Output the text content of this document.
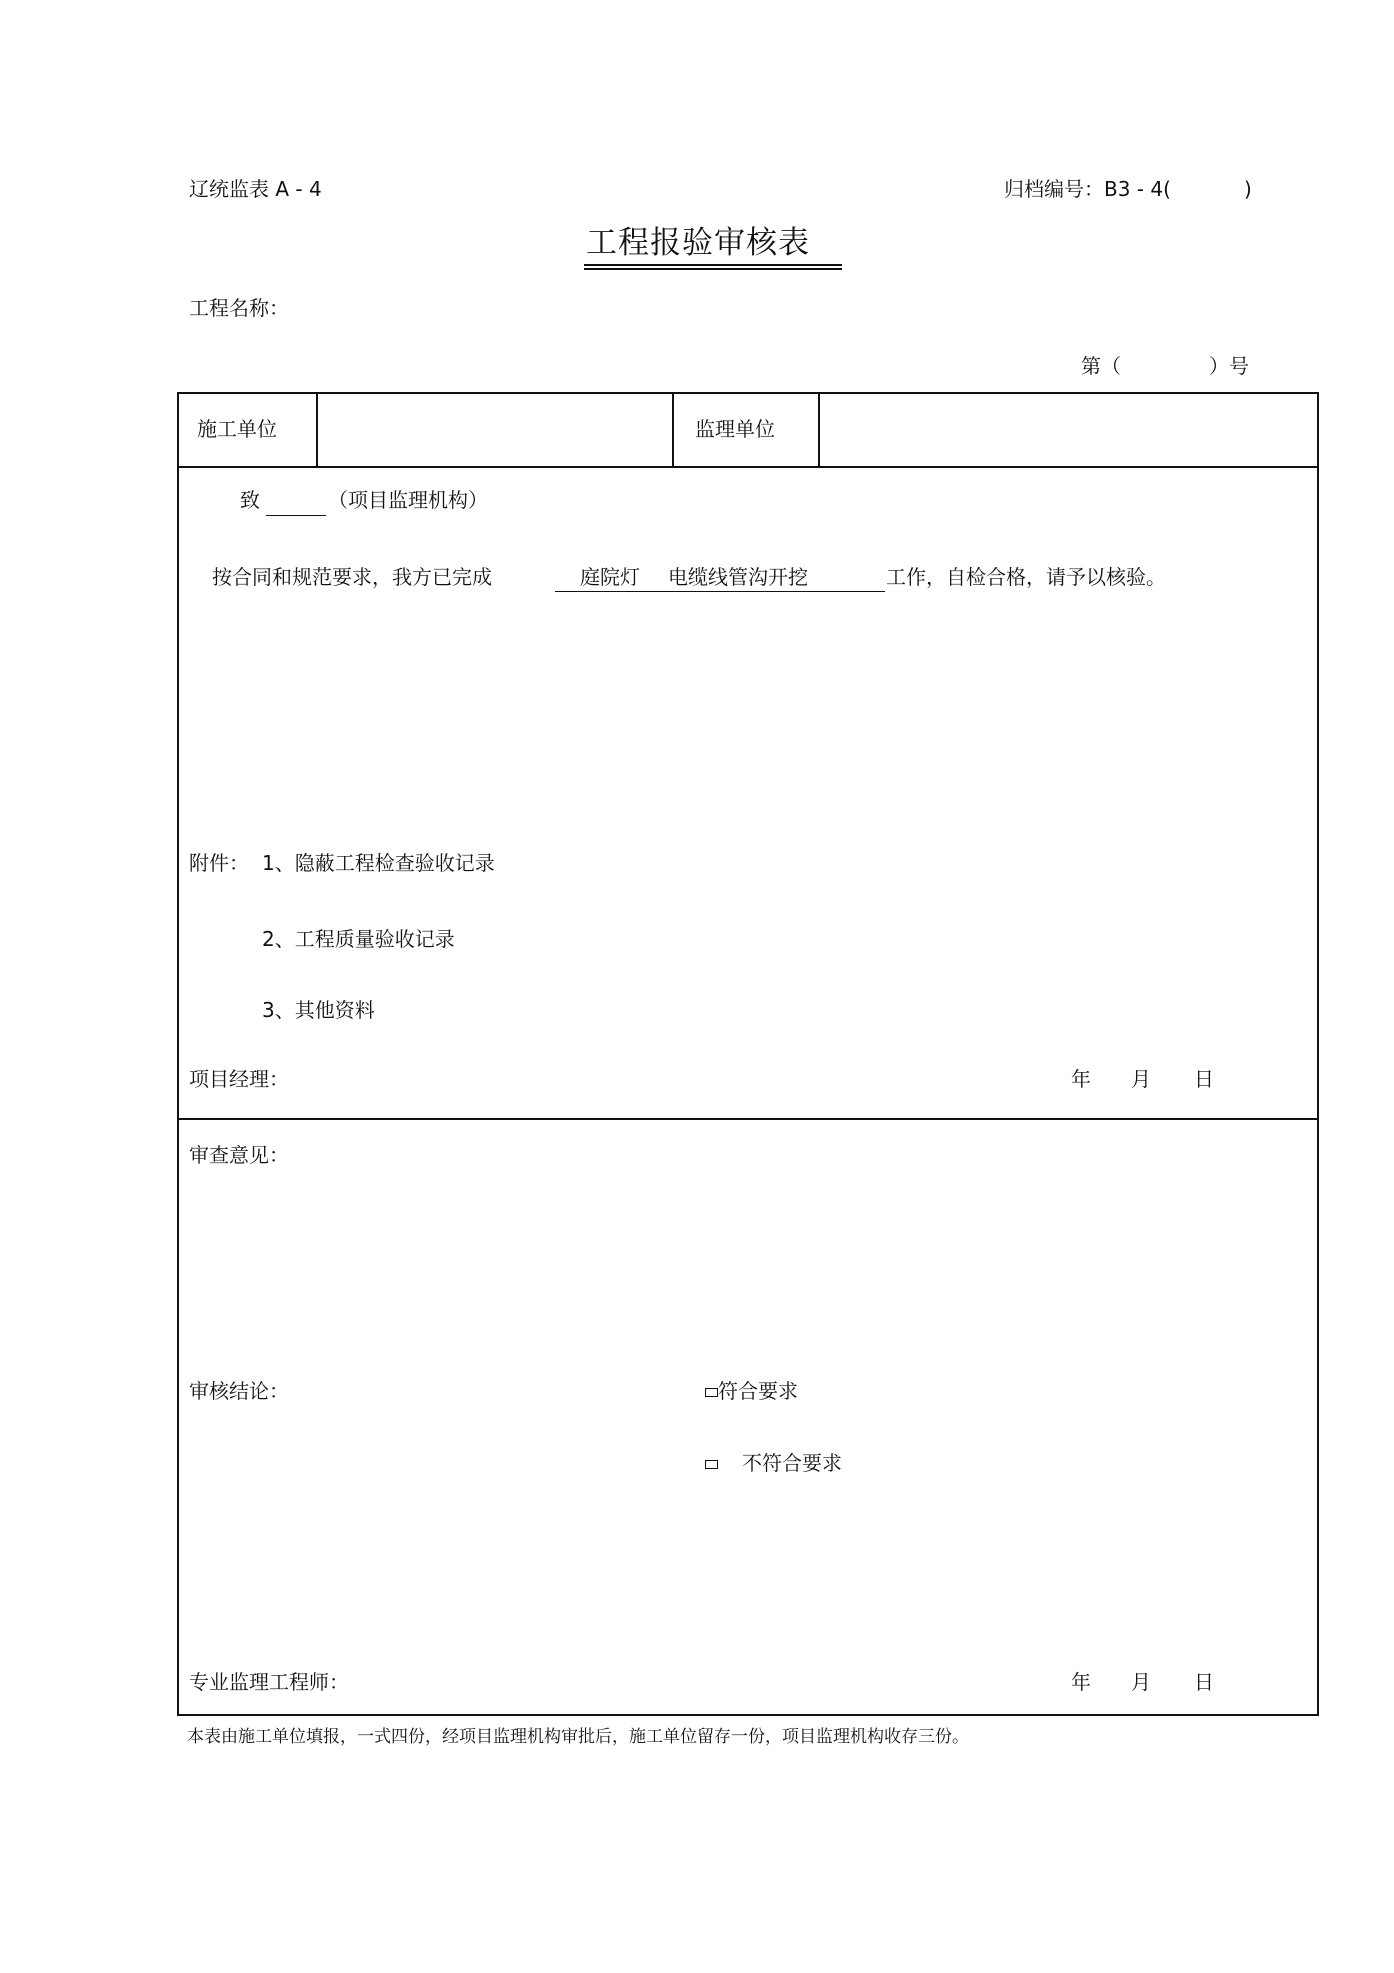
辽统监表 A - 4	归档编号：B3 - 4(	)
工程报验审核表
工程名称：
第（	）号
施工单位	监理单位
致	（项目监理机构）
按合同和规范要求，我方已完成	庭院灯 电缆线管沟开挖	工作，自检合格，请予以核验。
附件： 1、隐蔽工程检查验收记录
2、工程质量验收记录
3、其他资料
项目经理：	年 月 日
审查意见：
审核结论：	符合要求
不符合要求
专业监理工程师：	年 月 日
本表由施工单位填报，一式四份，经项目监理机构审批后，施工单位留存一份，项目监理机构收存三份。
